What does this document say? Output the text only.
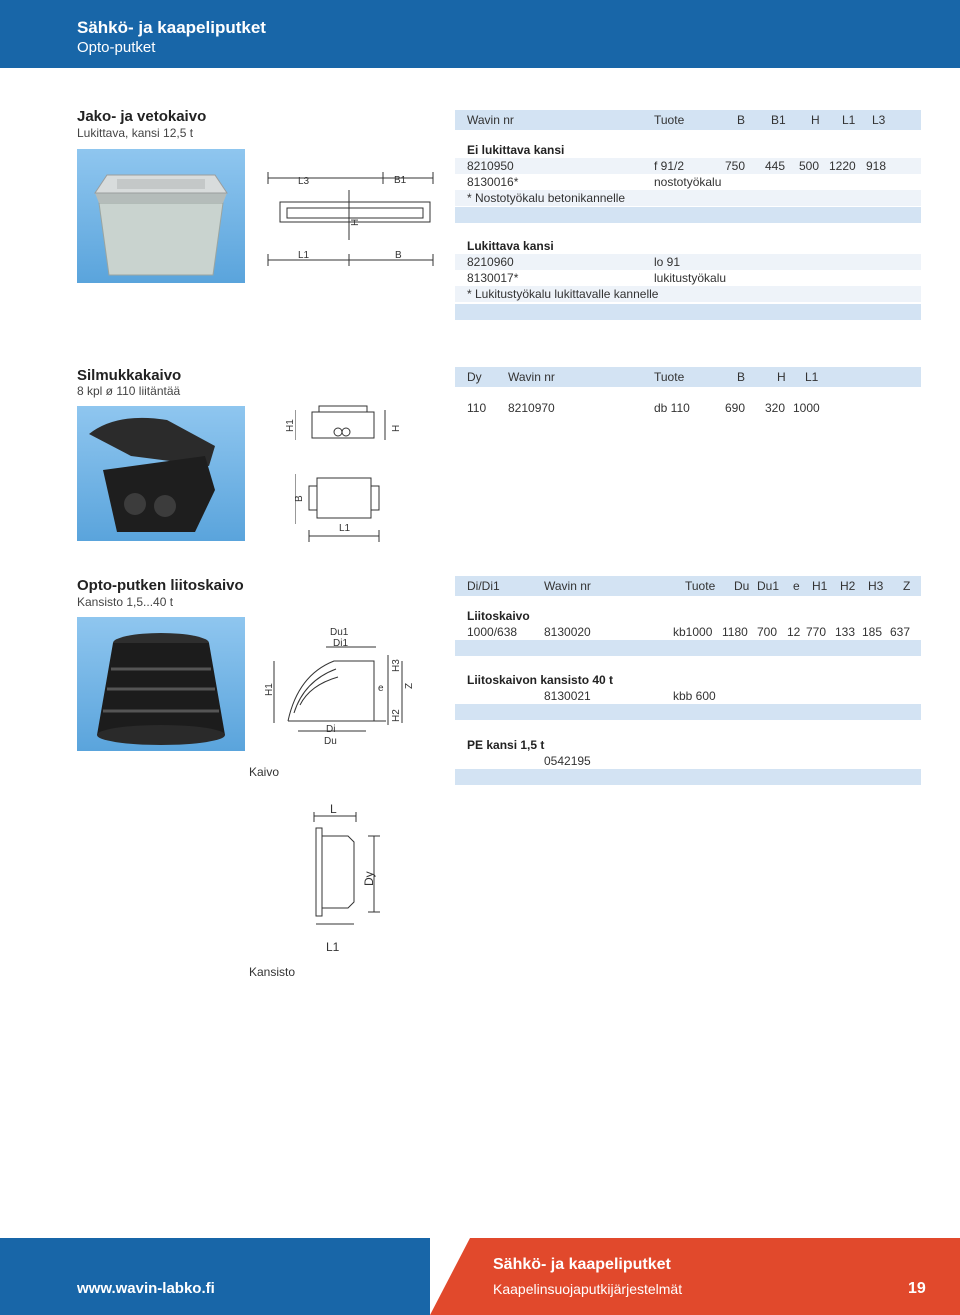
Sähkö- ja kaapeliputket
Opto-putket
Jako- ja vetokaivo
Lukittava, kansi 12,5 t
L3	B1
H
L1	B
Wavin nr	Tuote	B B1 H L1 L3
Ei lukittava kansi
8210950	f 91/2	750 445 500 1220 918
8130016*	nostotyökalu
* Nostotyökalu betonikannelle
Lukittava kansi
8210960	lo 91
8130017*	lukitustyökalu
* Lukitustyökalu lukittavalle kannelle
Silmukkakaivo
8 kpl ø 110 liitäntää
H1	H
B
L1
Dy Wavin nr	Tuote	B	H L1
110 8210970	db 110	690 320 1000
Opto-putken liitoskaivo
Kansisto 1,5...40 t
Du1
Di1
H1
H3
e Z
H2
Di
Du
Kaivo
L
Dy
L1
Kansisto
Di/Di1	Wavin nr	Tuote Du Du1 e H1 H2 H3 Z
Liitoskaivo
1000/638 8130020	kb1000 1180 700 12 770 133 185 637
Liitoskaivon kansisto 40 t
8130021	kbb 600
PE kansi 1,5 t
0542195
www.wavin-labko.fi
Sähkö- ja kaapeliputket
Kaapelinsuojaputkijärjestelmät	19
